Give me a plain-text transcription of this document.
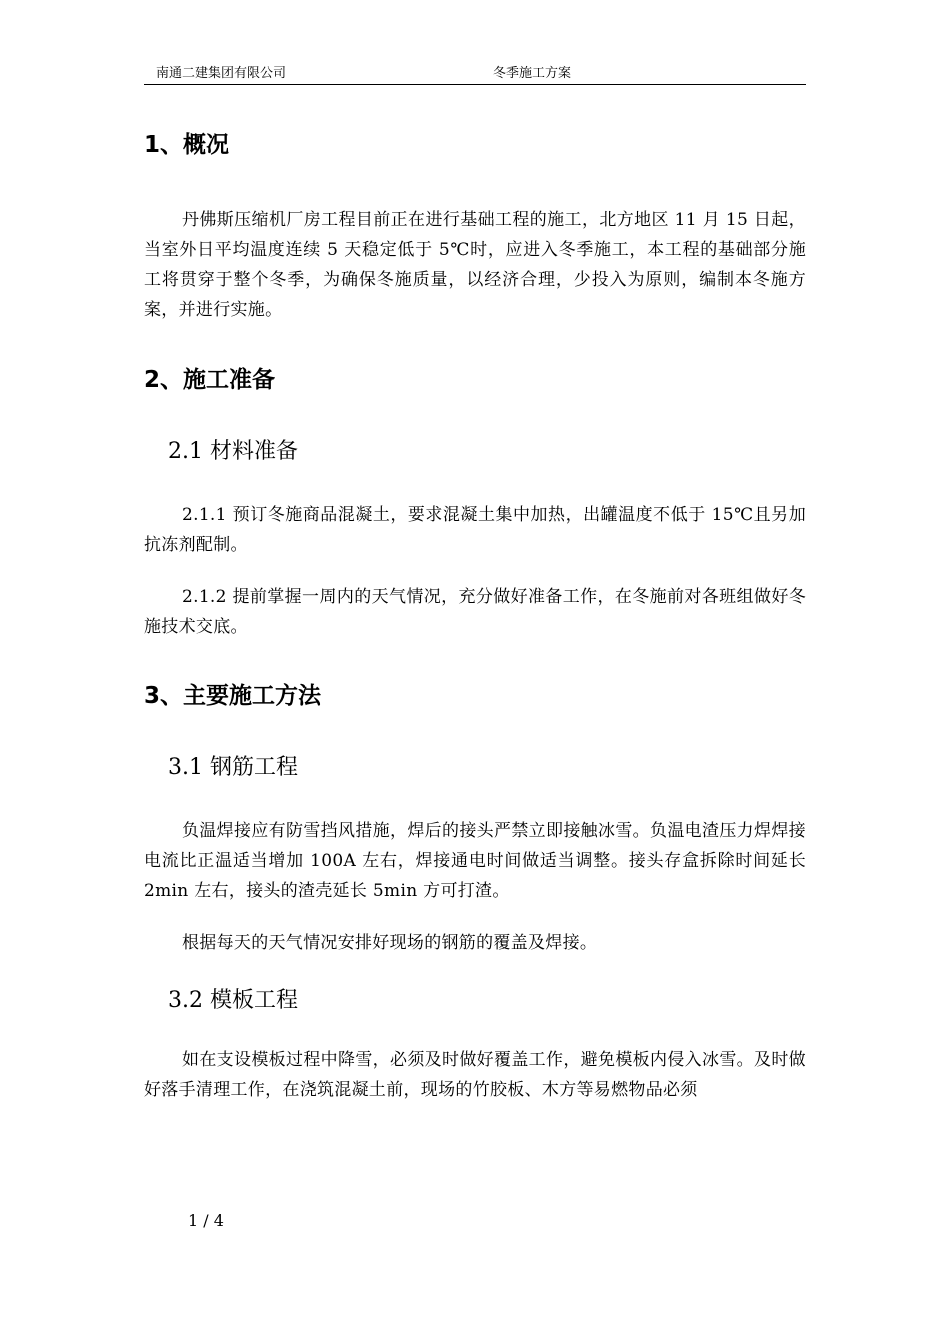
南通二建集团有限公司	冬季施工方案
1、概况

丹佛斯压缩机厂房工程目前正在进行基础工程的施工，北方地区 11 月 15 日起，当室外日平均温度连续 5 天稳定低于 5℃时，应进入冬季施工，本工程的基础部分施工将贯穿于整个冬季，为确保冬施质量，以经济合理，少投入为原则，编制本冬施方案，并进行实施。

2、施工准备
2.1 材料准备

2.1.1 预订冬施商品混凝土，要求混凝土集中加热，出罐温度不低于 15℃且另加抗冻剂配制。

2.1.2 提前掌握一周内的天气情况，充分做好准备工作，在冬施前对各班组做好冬施技术交底。

3、主要施工方法
3.1 钢筋工程

负温焊接应有防雪挡风措施，焊后的接头严禁立即接触冰雪。负温电渣压力焊焊接电流比正温适当增加 100A 左右，焊接通电时间做适当调整。接头存盒拆除时间延长 2min 左右，接头的渣壳延长 5min 方可打渣。

根据每天的天气情况安排好现场的钢筋的覆盖及焊接。

3.2 模板工程

如在支设模板过程中降雪，必须及时做好覆盖工作，避免模板内侵入冰雪。及时做好落手清理工作，在浇筑混凝土前，现场的竹胶板、木方等易燃物品必须

1 / 4
